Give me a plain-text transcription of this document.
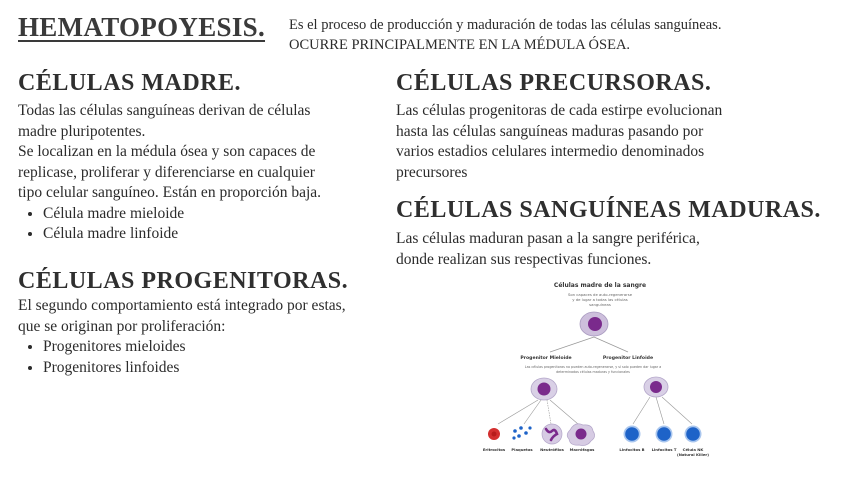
HEMATOPOYESIS. Es el proceso de producción y maduración de todas las células sanguíneas.
OCURRE PRINCIPALMENTE EN LA MÉDULA ÓSEA.
CÉLULAS MADRE.
Todas las células sanguíneas derivan de células
madre pluripotentes.
Se localizan en la médula ósea y son capaces de
replicase, proliferar y diferenciarse en cualquier
tipo celular sanguíneo. Están en proporción baja.
• Célula madre mieloide
• Célula madre linfoide
CÉLULAS PROGENITORAS.
El segundo comportamiento está integrado por estas,
que se originan por proliferación:
• Progenitores mieloides
• Progenitores linfoides
CÉLULAS PRECURSORAS.
Las células progenitoras de cada estirpe evolucionan
hasta las células sanguíneas maduras pasando por
varios estadios celulares intermedio denominados
precursores
CÉLULAS SANGUÍNEAS MADURAS.
Las células maduran pasan a la sangre periférica,
donde realizan sus respectivas funciones.
Células madre de la sangre
Son capaces de auto-regenerarse
y de lugar a todas las células
sanguíneas
Progenitor Mieloide	Progenitor Linfoide
Las células progenitoras no pueden auto-regenerarse, y sí solo pueden dar lugar a
determinados células maduras y funcionales
Eritrocitos Plaquetas Neutrófilos Macrófagos	Linfocitos B Linfocitos T Célula NK
(Natural Killer)
